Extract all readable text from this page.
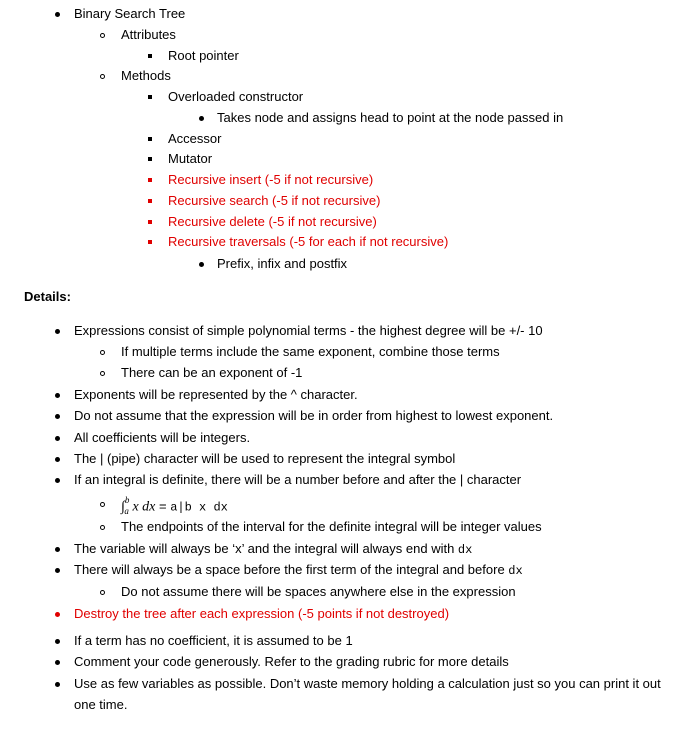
Binary Search Tree
Attributes
Root pointer
Methods
Overloaded constructor
Takes node and assigns head to point at the node passed in
Accessor
Mutator
Recursive insert (-5 if not recursive)
Recursive search (-5 if not recursive)
Recursive delete (-5 if not recursive)
Recursive traversals (-5 for each if not recursive)
Prefix, infix and postfix
Details:
Expressions consist of simple polynomial terms - the highest degree will be +/- 10
If multiple terms include the same exponent, combine those terms
There can be an exponent of -1
Exponents will be represented by the ^ character.
Do not assume that the expression will be in order from highest to lowest exponent.
All coefficients will be integers.
The | (pipe) character will be used to represent the integral symbol
If an integral is definite, there will be a number before and after the | character
∫$^b_a$ x dx = a|b x dx
The endpoints of the interval for the definite integral will be integer values
The variable will always be ‘x’ and the integral will always end with dx
There will always be a space before the first term of the integral and before dx
Do not assume there will be spaces anywhere else in the expression
Destroy the tree after each expression (-5 points if not destroyed)
If a term has no coefficient, it is assumed to be 1
Comment your code generously. Refer to the grading rubric for more details
Use as few variables as possible. Don’t waste memory holding a calculation just so you can print it out
one time.
